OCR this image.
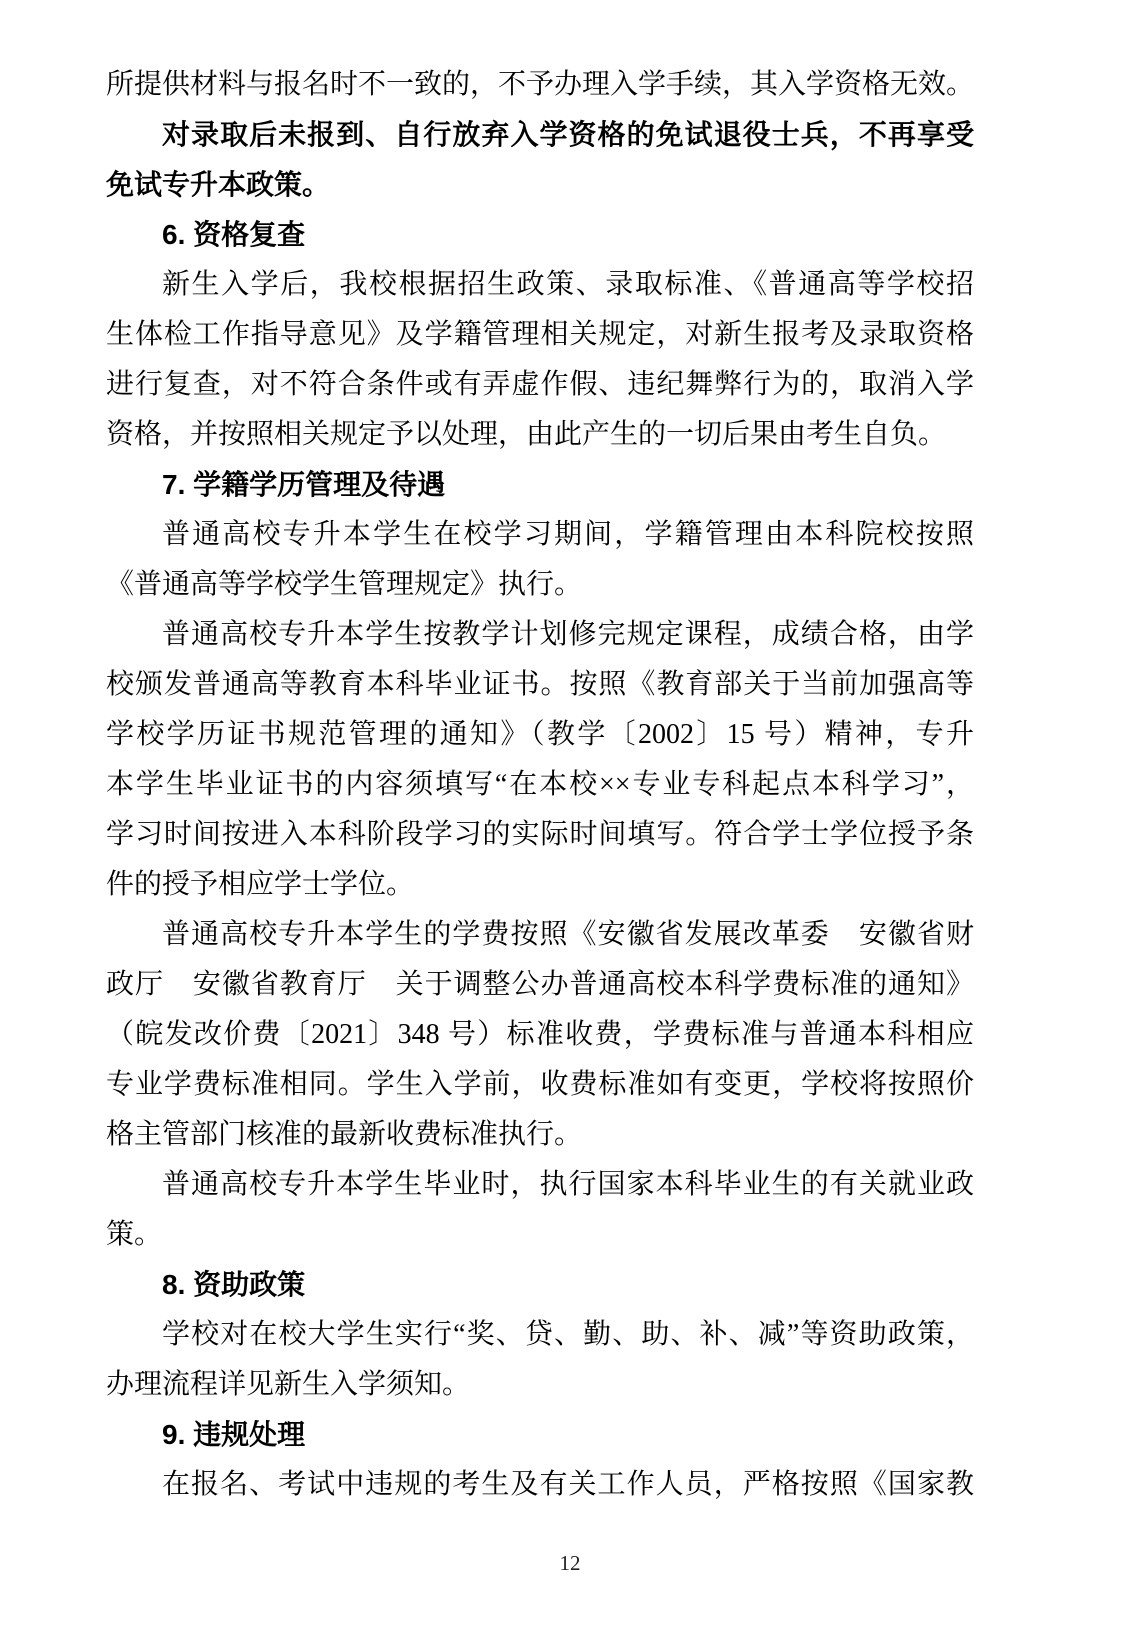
所提供材料与报名时不一致的，不予办理入学手续，其入学资格无效。
对录取后未报到、自行放弃入学资格的免试退役士兵，不再享受
免试专升本政策。
6. 资格复查
新生入学后，我校根据招生政策、录取标准、《普通高等学校招
生体检工作指导意见》及学籍管理相关规定，对新生报考及录取资格
进行复查，对不符合条件或有弄虚作假、违纪舞弊行为的，取消入学
资格，并按照相关规定予以处理，由此产生的一切后果由考生自负。
7. 学籍学历管理及待遇
普通高校专升本学生在校学习期间，学籍管理由本科院校按照
《普通高等学校学生管理规定》执行。
普通高校专升本学生按教学计划修完规定课程，成绩合格，由学
校颁发普通高等教育本科毕业证书。按照《教育部关于当前加强高等
学校学历证书规范管理的通知》（教学〔2002〕15 号）精神，专升
本学生毕业证书的内容须填写“在本校××专业专科起点本科学习”，
学习时间按进入本科阶段学习的实际时间填写。符合学士学位授予条
件的授予相应学士学位。
普通高校专升本学生的学费按照《安徽省发展改革委　安徽省财
政厅　安徽省教育厅　关于调整公办普通高校本科学费标准的通知》
（皖发改价费〔2021〕348 号）标准收费，学费标准与普通本科相应
专业学费标准相同。学生入学前，收费标准如有变更，学校将按照价
格主管部门核准的最新收费标准执行。
普通高校专升本学生毕业时，执行国家本科毕业生的有关就业政
策。
8. 资助政策
学校对在校大学生实行“奖、贷、勤、助、补、减”等资助政策，
办理流程详见新生入学须知。
9. 违规处理
在报名、考试中违规的考生及有关工作人员，严格按照《国家教
12
